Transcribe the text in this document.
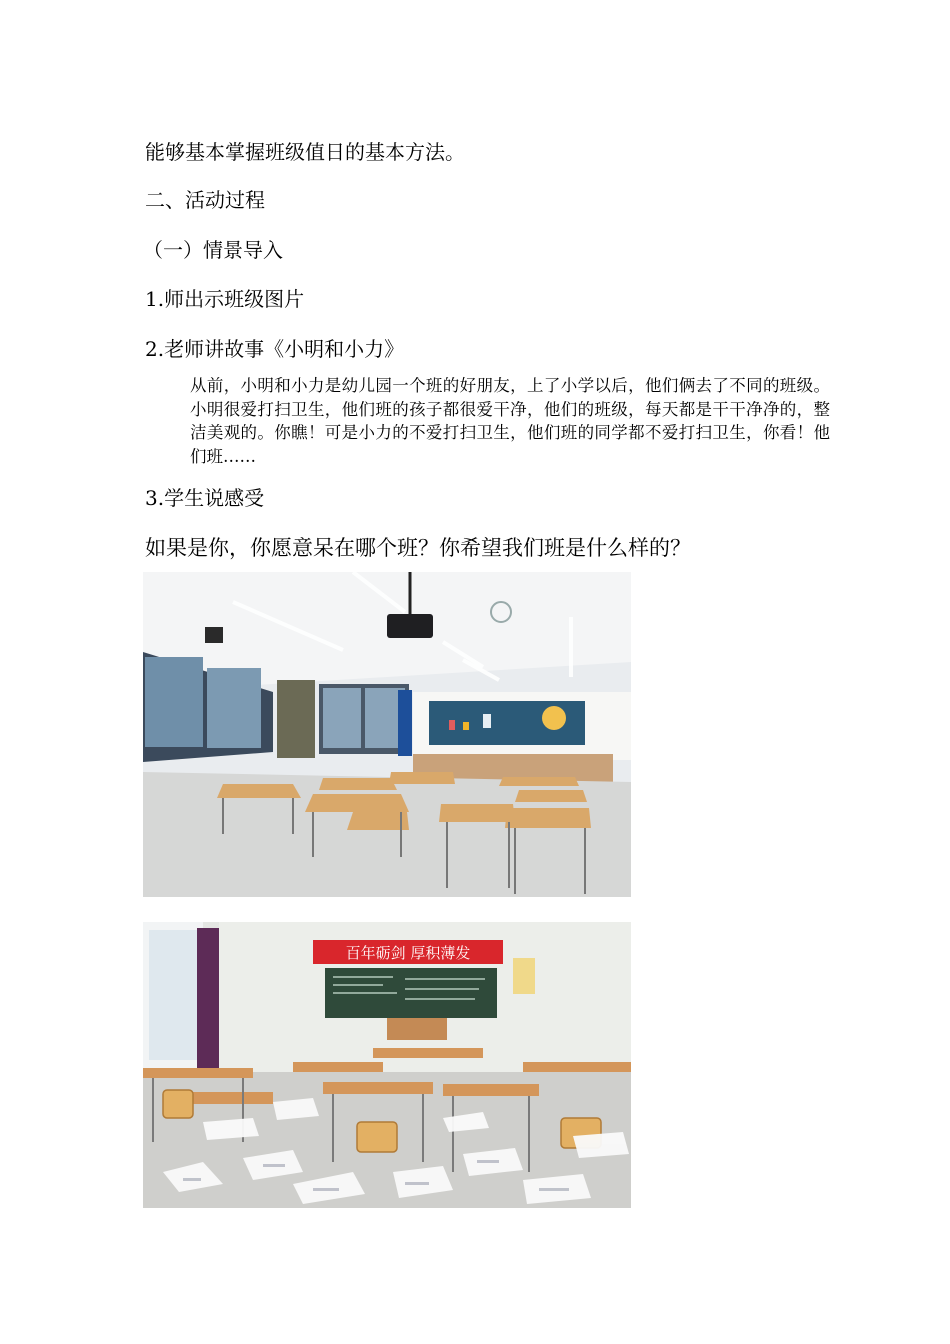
能够基本掌握班级值日的基本方法。
二、活动过程
（一）情景导入
1.师出示班级图片
2.老师讲故事《小明和小力》

从前，小明和小力是幼儿园一个班的好朋友，上了小学以后，他们俩去了不同的班级。小明很爱打扫卫生，他们班的孩子都很爱干净，他们的班级，每天都是干干净净的，整洁美观的。你瞧！可是小力的不爱打扫卫生，他们班的同学都不爱打扫卫生，你看！他们班……

3.学生说感受
如果是你，你愿意呆在哪个班？你希望我们班是什么样的？
百年砺剑 厚积薄发
